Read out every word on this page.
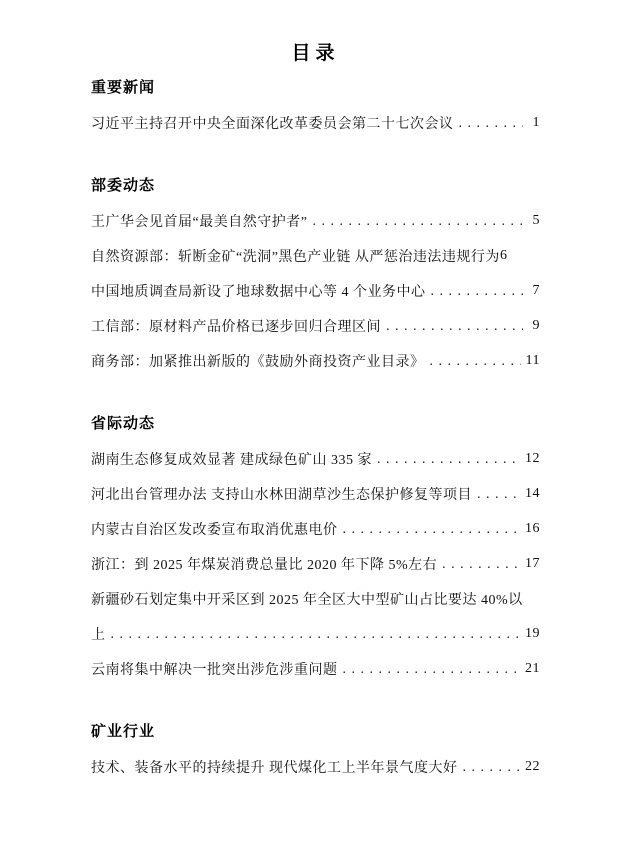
目录
重要新闻
习近平主持召开中央全面深化改革委员会第二十七次会议 . . .	1
部委动态
王广华会见首届“最美自然守护者” . . .	5
自然资源部：斩断金矿“洗洞”黑色产业链 从严惩治违法违规行为 6
中国地质调查局新设了地球数据中心等 4 个业务中心 . . .	7
工信部：原材料产品价格已逐步回归合理区间 . . .	9
商务部：加紧推出新版的《鼓励外商投资产业目录》 . . .	11
省际动态
湖南生态修复成效显著 建成绿色矿山 335 家 . . .	12
河北出台管理办法 支持山水林田湖草沙生态保护修复等项目 . . .	14
内蒙古自治区发改委宣布取消优惠电价 . . .	16
浙江：到 2025 年煤炭消费总量比 2020 年下降 5%左右 . . .	17
新疆砂石划定集中开采区到 2025 年全区大中型矿山占比要达 40%以
上 . . .	19
云南将集中解决一批突出涉危涉重问题 . . .	21
矿业行业
技术、装备水平的持续提升 现代煤化工上半年景气度大好 . . .	22
